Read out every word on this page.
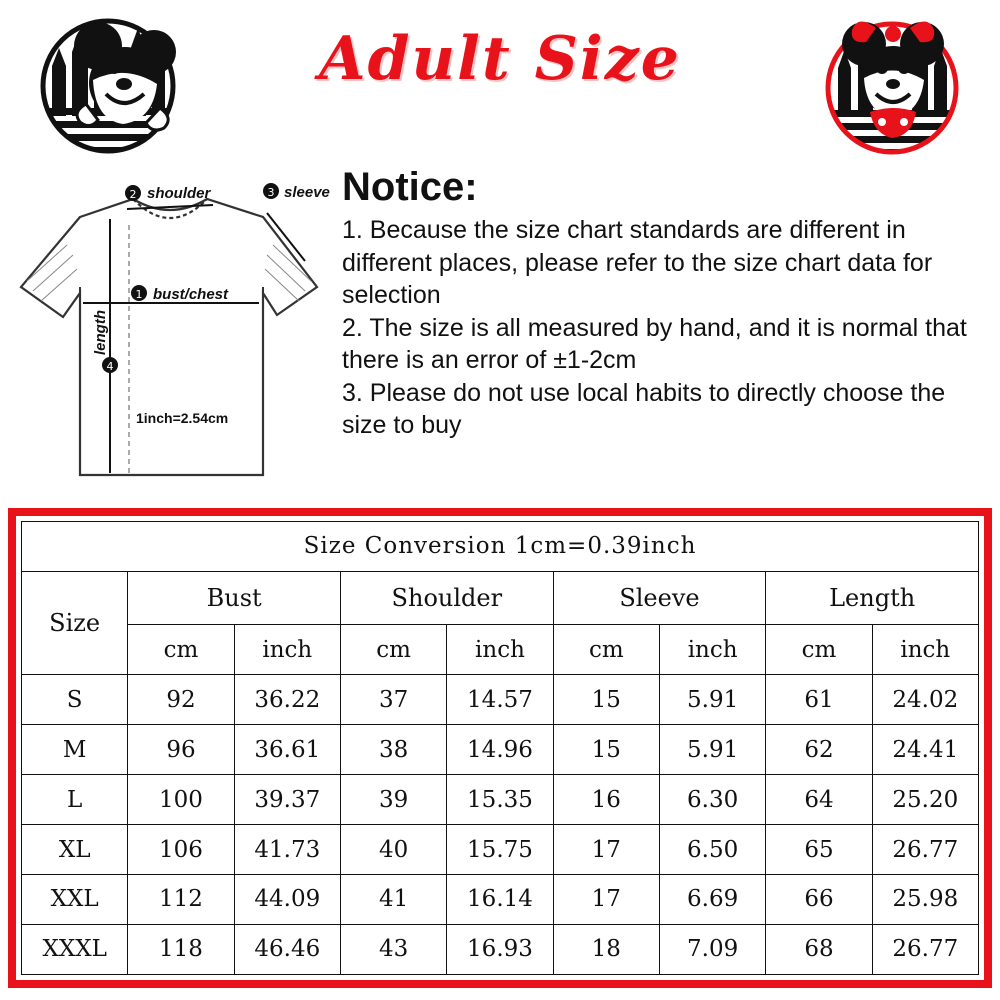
Adult Size
2 shoulder	3 sleeve
1 bust/chest
4
length
1inch=2.54cm
Notice:
1. Because the size chart standards are different in different places, please refer to the size chart data for selection
2. The size is all measured by hand, and it is normal that there is an error of ±1-2cm
3. Please do not use local habits to directly choose the size to buy
Size Conversion 1cm=0.39inch								
Size	Bust		Shoulder		Sleeve		Length	
	cm	inch	cm	inch	cm	inch	cm	inch
S	92	36.22	37	14.57	15	5.91	61	24.02
M	96	36.61	38	14.96	15	5.91	62	24.41
L	100	39.37	39	15.35	16	6.30	64	25.20
XL	106	41.73	40	15.75	17	6.50	65	26.77
XXL	112	44.09	41	16.14	17	6.69	66	25.98
XXXL	118	46.46	43	16.93	18	7.09	68	26.77
